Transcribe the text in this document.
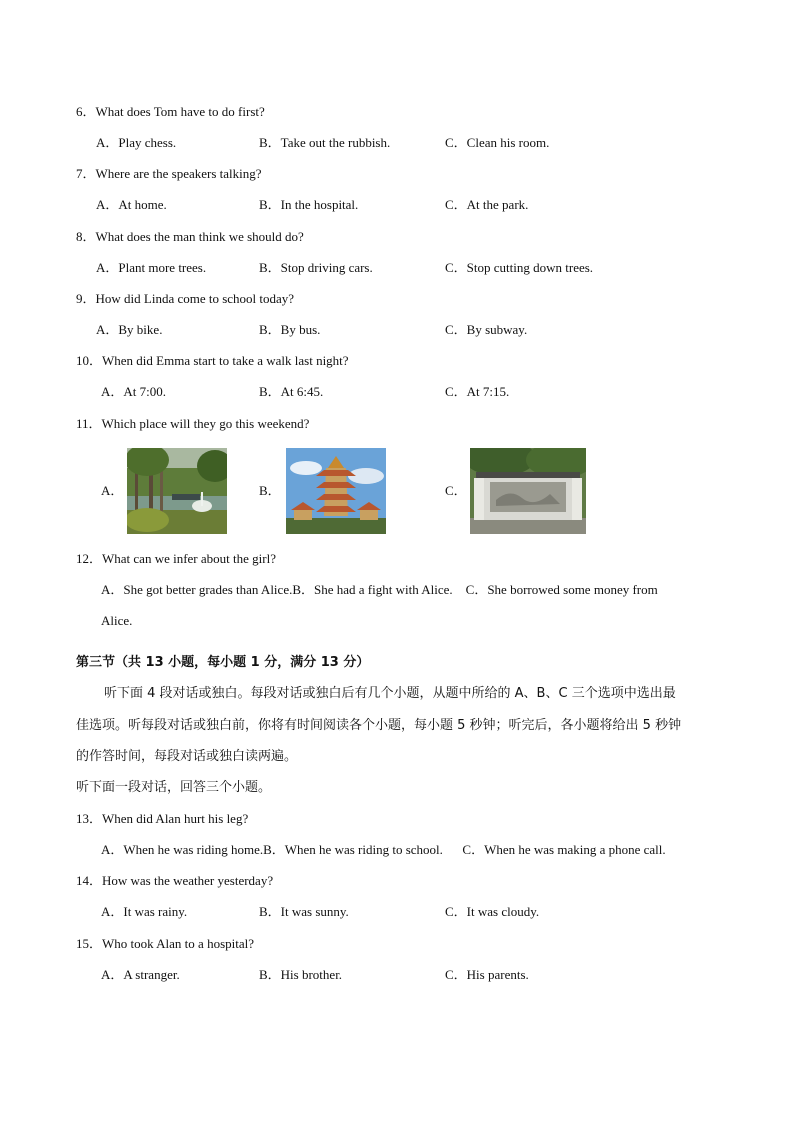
6．What does Tom have to do first?
A．Play chess.	B．Take out the rubbish.	C．Clean his room.
7．Where are the speakers talking?
A．At home.	B．In the hospital.	C．At the park.
8．What does the man think we should do?
A．Plant more trees.	B．Stop driving cars.	C．Stop cutting down trees.
9．How did Linda come to school today?
A．By bike.	B．By bus.	C．By subway.
10．When did Emma start to take a walk last night?
A．At 7:00.	B．At 6:45.	C．At 7:15.
11．Which place will they go this weekend?
A．	B．	C．
12．What can we infer about the girl?
A．She got better grades than Alice.B．She had a fight with Alice.    C．She borrowed some money from
Alice.
第三节（共 13 小题，每小题 1 分，满分 13 分）
听下面 4 段对话或独白。每段对话或独白后有几个小题，从题中所给的 A、B、C 三个选项中选出最
佳选项。听每段对话或独白前，你将有时间阅读各个小题，每小题 5 秒钟；听完后，各小题将给出 5 秒钟
的作答时间，每段对话或独白读两遍。
听下面一段对话，回答三个小题。
13．When did Alan hurt his leg?
A．When he was riding home.B．When he was riding to school.      C．When he was making a phone call.
14．How was the weather yesterday?
A．It was rainy.	B．It was sunny.	C．It was cloudy.
15．Who took Alan to a hospital?
A．A stranger.	B．His brother.	C．His parents.
